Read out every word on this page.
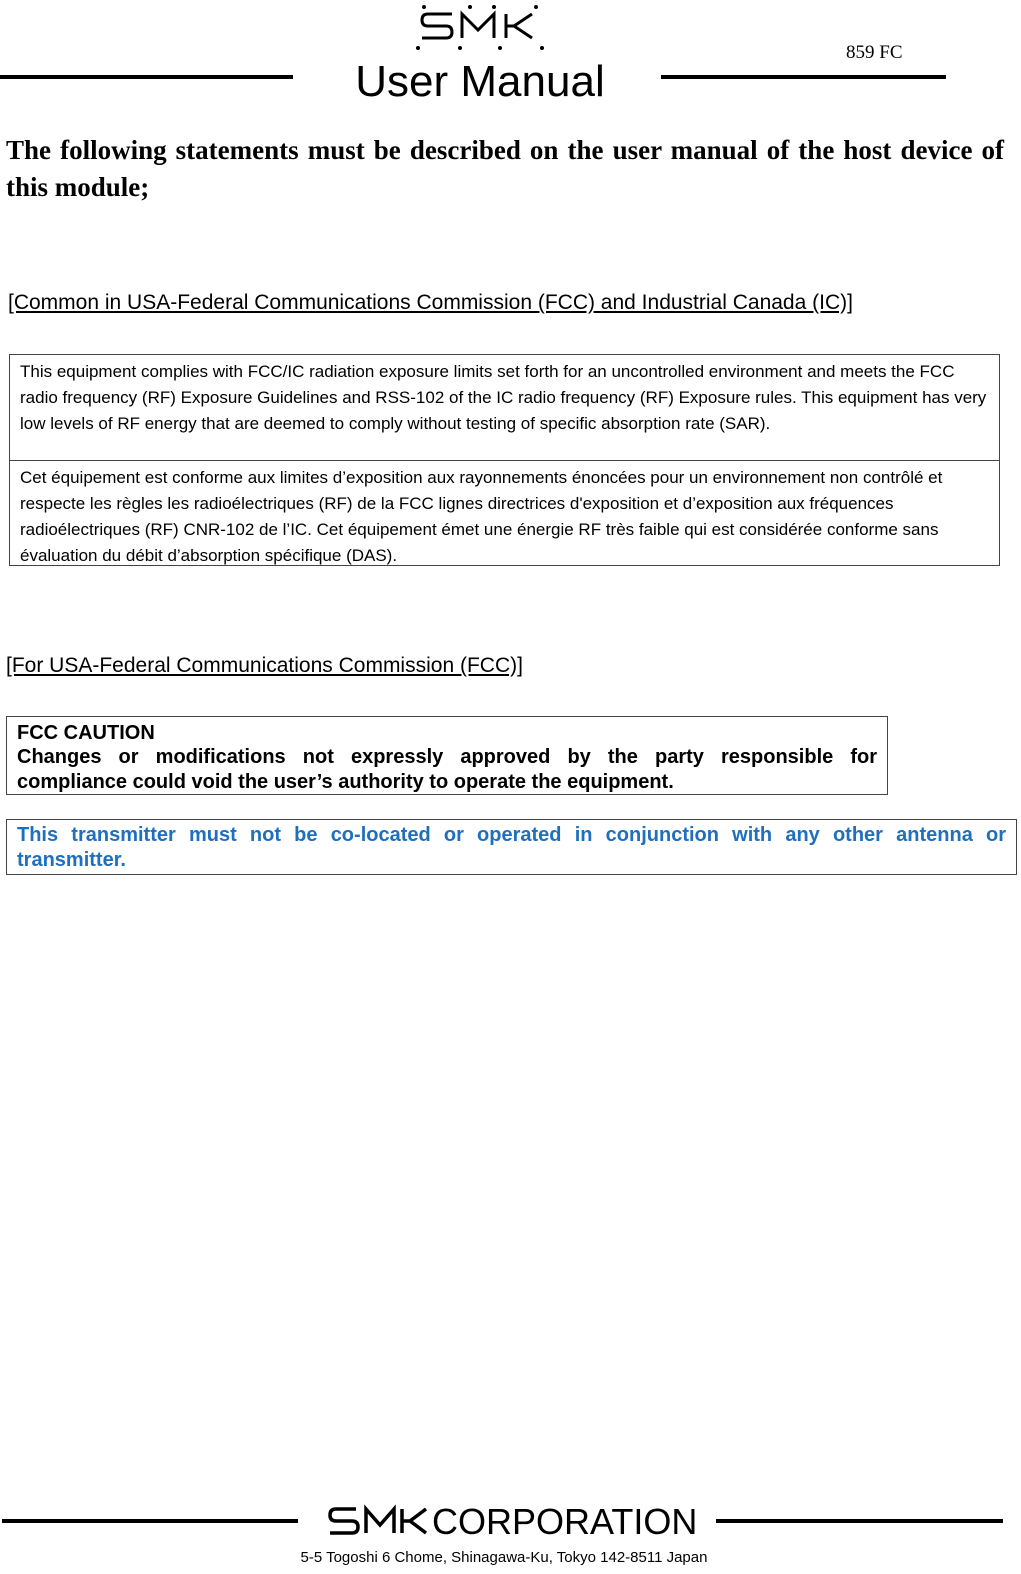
User Manual
859 FC
The following statements must be described on the user manual of the host device of this module;
[Common in USA-Federal Communications Commission (FCC) and Industrial Canada (IC)]
This equipment complies with FCC/IC radiation exposure limits set forth for an uncontrolled environment and meets the FCC radio frequency (RF) Exposure Guidelines and RSS-102 of the IC radio frequency (RF) Exposure rules. This equipment has very low levels of RF energy that are deemed to comply without testing of specific absorption rate (SAR).
Cet équipement est conforme aux limites d’exposition aux rayonnements énoncées pour un environnement non contrôlé et respecte les règles les radioélectriques (RF) de la FCC lignes directrices d'exposition et d’exposition aux fréquences radioélectriques (RF) CNR-102 de l’IC. Cet équipement émet une énergie RF très faible qui est considérée conforme sans évaluation du débit d’absorption spécifique (DAS).
[For USA-Federal Communications Commission (FCC)]
FCC CAUTION
Changes or modifications not expressly approved by the party responsible for compliance could void the user’s authority to operate the equipment.
This transmitter must not be co-located or operated in conjunction with any other antenna or transmitter.
CORPORATION
5-5 Togoshi 6 Chome, Shinagawa-Ku, Tokyo 142-8511 Japan
